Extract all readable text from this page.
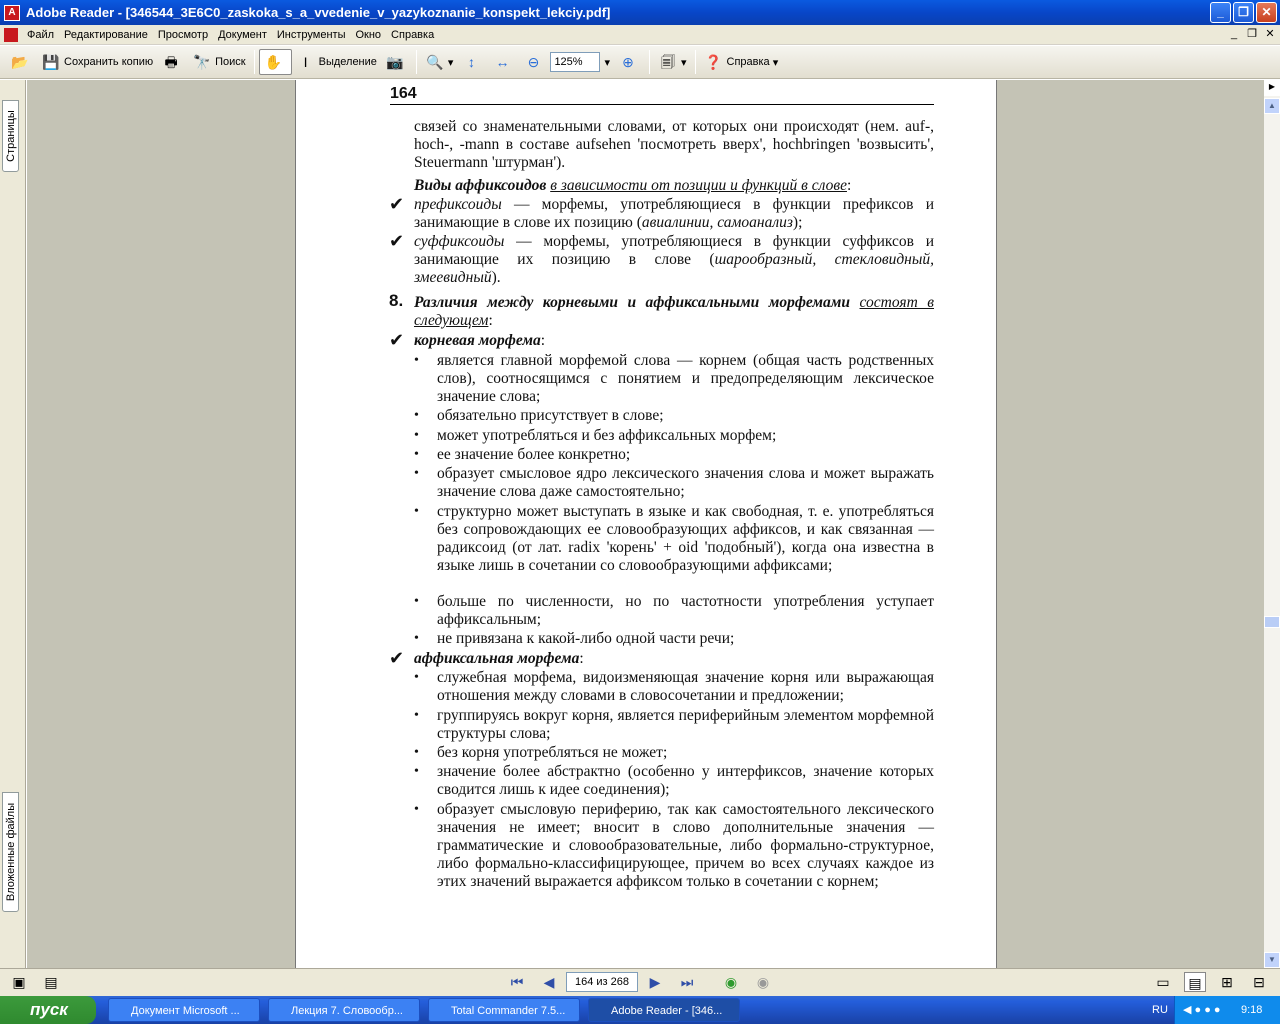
A Adobe Reader - [346544_3E6C0_zaskoka_s_a_vvedenie_v_yazykoznanie_konspekt_lekciy.pdf]	_	❐	✕
Файл Редактирование Просмотр Документ Инструменты Окно Справка	_ ❐ ✕
📂 💾 Сохранить копию 🖶 🔭 Поиск ✋	I	Выделение 📷 🔍 ▾	↕	↔ ⊖	125%	▾ ⊕ 🗐 ▾ ❓ Справка ▾
Страницы
Вложенные файлы
164
связей со знаменательными словами, от которых они происходят (нем. auf-, hoch-, -mann в составе aufsehen 'посмотреть вверх', hochbringen 'возвысить', Steuermann 'штурман').
Виды аффиксоидов в зависимости от позиции и функций в слове:
✔ префиксоиды — морфемы, употребляющиеся в функции префиксов и занимающие в слове их позицию (авиалинии, самоанализ);
✔ суффиксоиды — морфемы, употребляющиеся в функции суффиксов и занимающие их позицию в слове (шарообразный, стекловидный, змеевидный).
8. Различия между корневыми и аффиксальными морфемами состоят в следующем:
✔ корневая морфема:
✔ аффиксальная морфема:
• является главной морфемой слова — корнем (общая часть родственных слов), соотносящимся с понятием и предопределяющим лексическое значение слова;
• обязательно присутствует в слове;
• может употребляться и без аффиксальных морфем;
• ее значение более конкретно;
• образует смысловое ядро лексического значения слова и может выражать значение слова даже самостоятельно;
• структурно может выступать в языке и как свободная, т. е. употребляться без сопровождающих ее словообразующих аффиксов, и как связанная — радиксоид (от лат. radix 'корень' + oid 'подобный'), когда она известна в языке лишь в сочетании со словообразующими аффиксами;
• больше по численности, но по частотности употребления уступает аффиксальным;
• не привязана к какой-либо одной части речи;
• служебная морфема, видоизменяющая значение корня или выражающая отношения между словами в словосочетании и предложении;
• группируясь вокруг корня, является периферийным элементом морфемной структуры слова;
• без корня употребляться не может;
• значение более абстрактно (особенно у интерфиксов, значение которых сводится лишь к идее соединения);
• образует смысловую периферию, так как самостоятельного лексического значения не имеет; вносит в слово дополнительные значения — грамматические и словообразовательные, либо формально-структурное, либо формально-классифицирующее, причем во всех случаях каждое из этих значений выражается аффиксом только в сочетании с корнем;
▶
▲
▼
▣	▤	⏮	◀	164 из 268	▶	⏭	◉	◉	▭	▤	⊞	⊟
пуск	Документ Microsoft ...	Лекция 7. Словообр...	Total Commander 7.5...	Adobe Reader - [346...	RU	◀ ● ● ● 9:18
